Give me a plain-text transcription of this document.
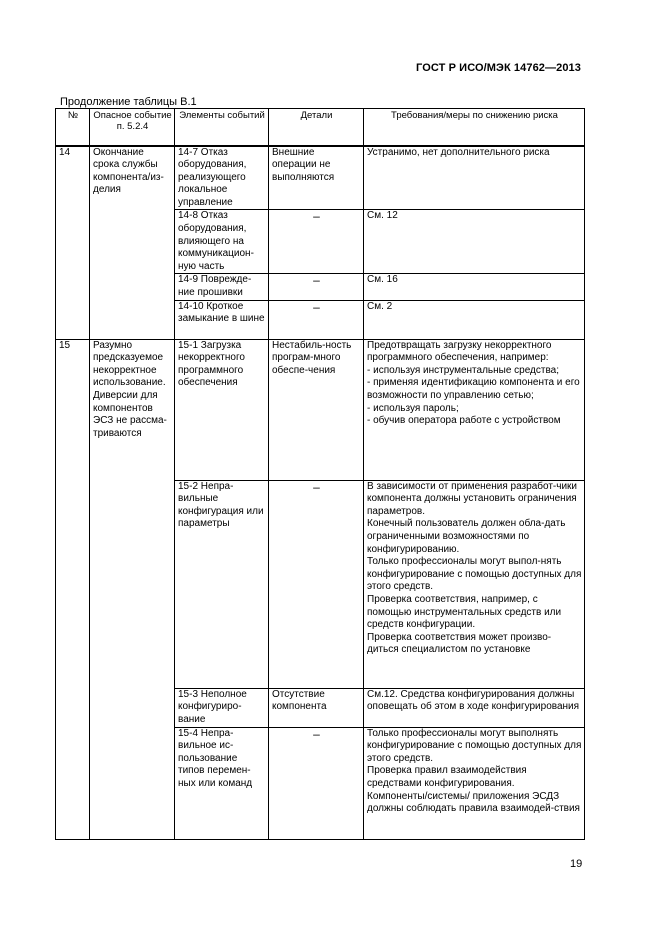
ГОСТ Р ИСО/МЭК 14762—2013
Продолжение таблицы В.1
№	Опасное событие п. 5.2.4	Элементы событий	Детали	Требования/меры по снижению риска
14	Окончание срока службы компонента/из-делия	14-7 Отказ оборудования, реализующего локальное управление	Внешние операции не выполняются	Устранимо, нет дополнительного риска
		14-8 Отказ оборудования, влияющего на коммуникацион-ную часть	–	См. 12
		14-9 Поврежде-ние прошивки	–	См. 16
		14-10 Кроткое замыкание в шине	–	См. 2
15	Разумно предсказуемое некорректное использование. Диверсии для компонентов ЭСЗ не рассма-триваются	15-1 Загрузка некорректного программного обеспечения	Нестабиль-ность програм-много обеспе-чения	Предотвращать загрузку некорректного программного обеспечения, например:
- используя инструментальные средства;
- применяя идентификацию компонента и его возможности по управлению сетью;
- используя пароль;
- обучив оператора работе с устройством
		15-2 Непра-вильные конфигурация или параметры	–	В зависимости от применения разработ-чики компонента должны установить ограничения параметров.
Конечный пользователь должен обла-дать ограниченными возможностями по конфигурированию.
Только профессионалы могут выпол-нять конфигурирование с помощью доступных для этого средств.
Проверка соответствия, например, с помощью инструментальных средств или средств конфигурации.
Проверка соответствия может произво-диться специалистом по установке
		15-3 Неполное конфигуриро-вание	Отсутствие компонента	См.12. Средства конфигурирования должны оповещать об этом в ходе конфигурирования
		15-4 Непра-вильное ис-пользование типов перемен-ных или команд	–	Только профессионалы могут выполнять конфигурирование с помощью доступных для этого средств.
Проверка правил взаимодействия средствами конфигурирования.
Компоненты/системы/ приложения ЭСДЗ должны соблюдать правила взаимодей-ствия
19
